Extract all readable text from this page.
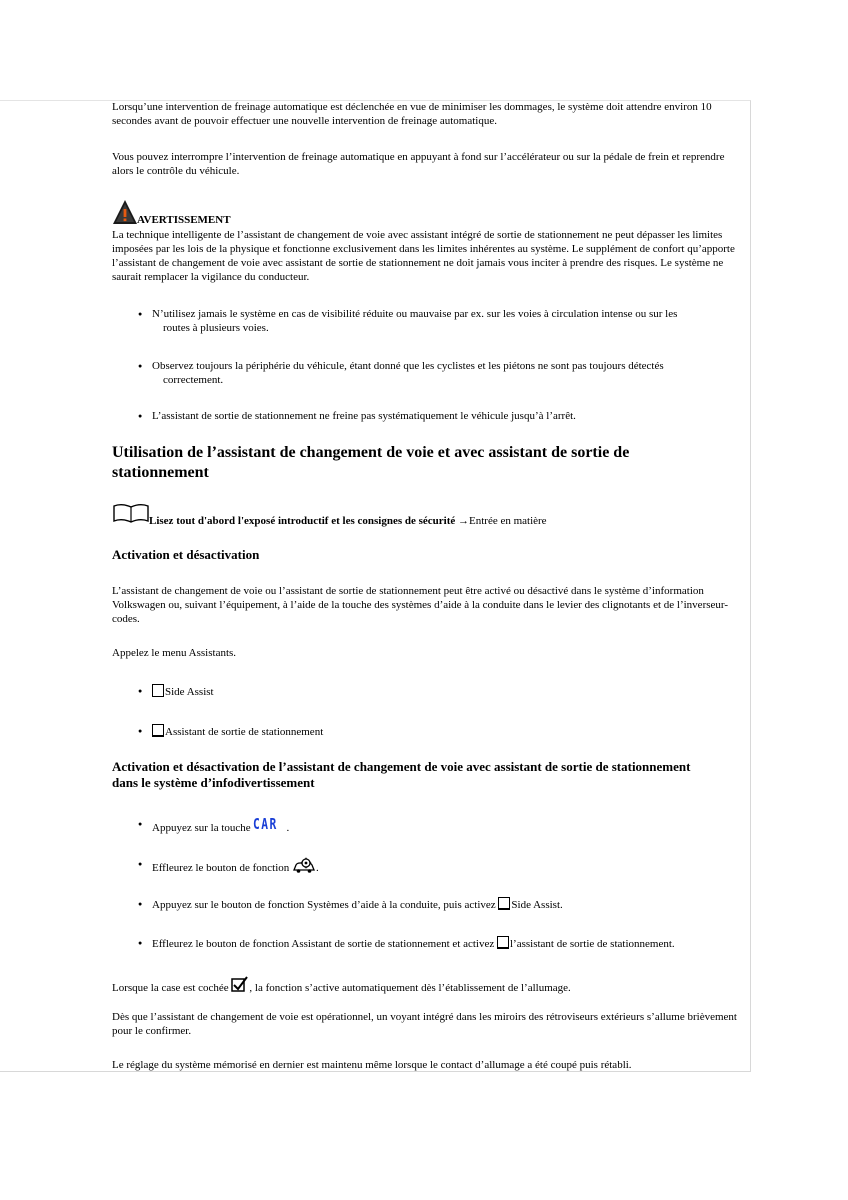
Lorsqu’une intervention de freinage automatique est déclenchée en vue de minimiser les dommages, le système doit attendre environ 10 secondes avant de pouvoir effectuer une nouvelle intervention de freinage automatique.

Vous pouvez interrompre l’intervention de freinage automatique en appuyant à fond sur l’accélérateur ou sur la pédale de frein et reprendre alors le contrôle du véhicule.

AVERTISSEMENT

La technique intelligente de l’assistant de changement de voie avec assistant intégré de sortie de stationnement ne peut dépasser les limites imposées par les lois de la physique et fonctionne exclusivement dans les limites inhérentes au système. Le supplément de confort qu’apporte l’assistant de changement de voie avec assistant de sortie de stationnement ne doit jamais vous inciter à prendre des risques. Le système ne saurait remplacer la vigilance du conducteur.

● N’utilisez jamais le système en cas de visibilité réduite ou mauvaise par ex. sur les voies à circulation intense ou sur les
routes à plusieurs voies.
● Observez toujours la périphérie du véhicule, étant donné que les cyclistes et les piétons ne sont pas toujours détectés
correctement.
● L’assistant de sortie de stationnement ne freine pas systématiquement le véhicule jusqu’à l’arrêt.
Utilisation de l’assistant de changement de voie et avec assistant de sortie de stationnement
Lisez tout d'abord l'exposé introductif et les consignes de sécurité →Entrée en matière
Activation et désactivation

L’assistant de changement de voie ou l’assistant de sortie de stationnement peut être activé ou désactivé dans le système d’information Volkswagen ou, suivant l’équipement, à l’aide de la touche des systèmes d’aide à la conduite dans le levier des clignotants et de l’inverseur-codes.

Appelez le menu Assistants.

● Side Assist
● Assistant de sortie de stationnement
Activation et désactivation de l’assistant de changement de voie avec assistant de sortie de stationnement dans le système d’infodivertissement
● Appuyez sur la touche CAR .
● Effleurez le bouton de fonction .
● Appuyez sur le bouton de fonction Systèmes d’aide à la conduite, puis activez Side Assist.
● Effleurez le bouton de fonction Assistant de sortie de stationnement et activez l’assistant de sortie de stationnement.

Lorsque la case est cochée , la fonction s’active automatiquement dès l’établissement de l’allumage.

Dès que l’assistant de changement de voie est opérationnel, un voyant intégré dans les miroirs des rétroviseurs extérieurs s’allume brièvement pour le confirmer.

Le réglage du système mémorisé en dernier est maintenu même lorsque le contact d’allumage a été coupé puis rétabli.
